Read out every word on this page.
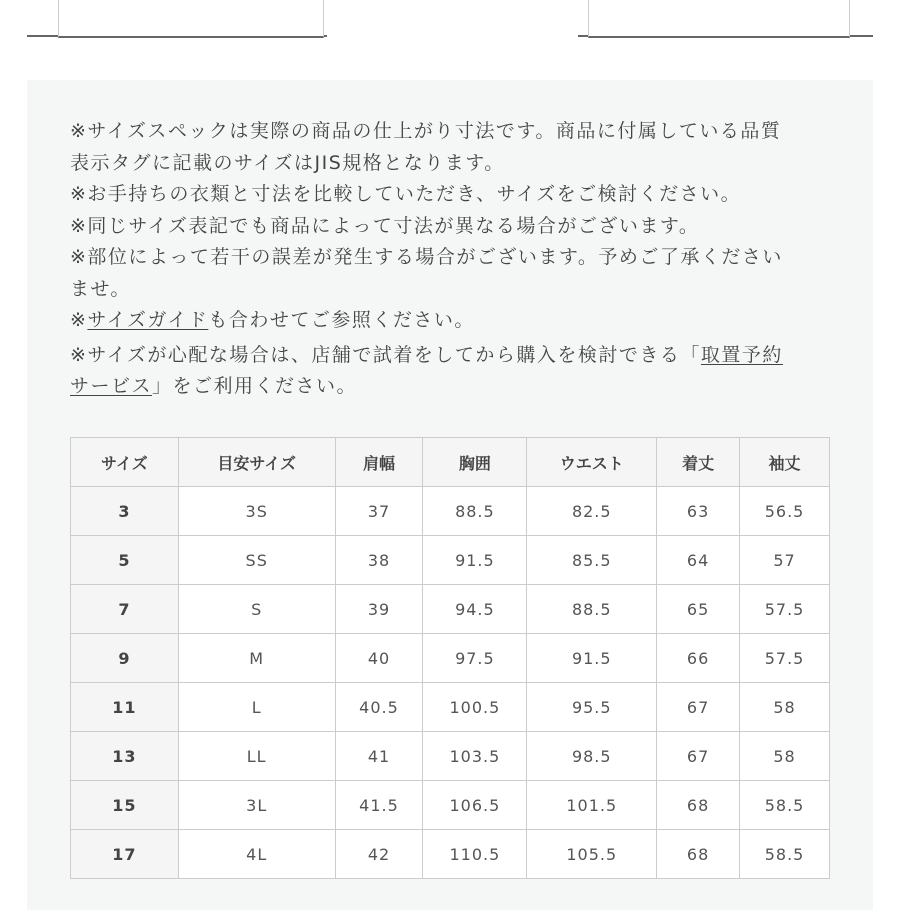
※サイズスペックは実際の商品の仕上がり寸法です。商品に付属している品質
表示タグに記載のサイズはJIS規格となります。
※お手持ちの衣類と寸法を比較していただき、サイズをご検討ください。
※同じサイズ表記でも商品によって寸法が異なる場合がございます。
※部位によって若干の誤差が発生する場合がございます。予めご了承ください
ませ。
※サイズガイドも合わせてご参照ください。
※サイズが心配な場合は、店舗で試着をしてから購入を検討できる「取置予約
サービス」をご利用ください。
サイズ	目安サイズ	肩幅	胸囲	ウエスト	着丈	袖丈
3	3S	37	88.5	82.5	63	56.5
5	SS	38	91.5	85.5	64	57
7	S	39	94.5	88.5	65	57.5
9	M	40	97.5	91.5	66	57.5
11	L	40.5	100.5	95.5	67	58
13	LL	41	103.5	98.5	67	58
15	3L	41.5	106.5	101.5	68	58.5
17	4L	42	110.5	105.5	68	58.5
